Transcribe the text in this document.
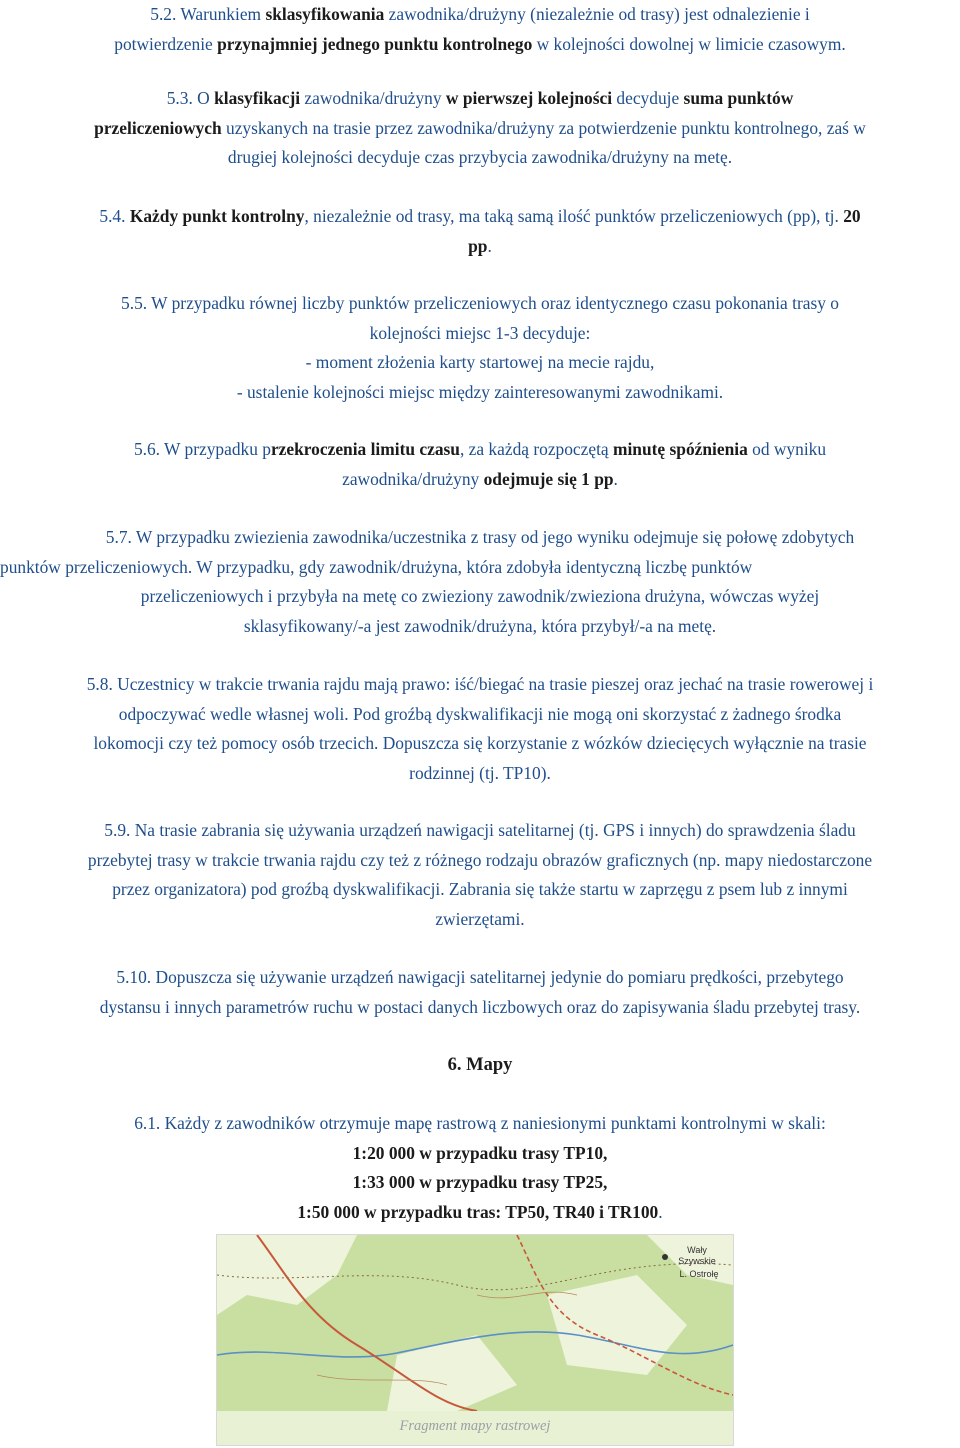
5.2. Warunkiem sklasyfikowania zawodnika/drużyny (niezależnie od trasy) jest odnalezienie i
potwierdzenie przynajmniej jednego punktu kontrolnego w kolejności dowolnej w limicie czasowym.

5.3. O klasyfikacji zawodnika/drużyny w pierwszej kolejności decyduje suma punktów
przeliczeniowych uzyskanych na trasie przez zawodnika/drużyny za potwierdzenie punktu kontrolnego, zaś w
drugiej kolejności decyduje czas przybycia zawodnika/drużyny na metę.

5.4. Każdy punkt kontrolny, niezależnie od trasy, ma taką samą ilość punktów przeliczeniowych (pp), tj. 20
pp.

5.5. W przypadku równej liczby punktów przeliczeniowych oraz identycznego czasu pokonania trasy o
kolejności miejsc 1-3 decyduje:
- moment złożenia karty startowej na mecie rajdu,
- ustalenie kolejności miejsc między zainteresowanymi zawodnikami.

5.6. W przypadku przekroczenia limitu czasu, za każdą rozpoczętą minutę spóźnienia od wyniku
zawodnika/drużyny odejmuje się 1 pp.

5.7. W przypadku zwiezienia zawodnika/uczestnika z trasy od jego wyniku odejmuje się połowę zdobytych
punktów przeliczeniowych. W przypadku, gdy zawodnik/drużyna, która zdobyła identyczną liczbę punktów
przeliczeniowych i przybyła na metę co zwieziony zawodnik/zwieziona drużyna, wówczas wyżej
sklasyfikowany/-a jest zawodnik/drużyna, która przybył/-a na metę.

5.8. Uczestnicy w trakcie trwania rajdu mają prawo: iść/biegać na trasie pieszej oraz jechać na trasie rowerowej i
odpoczywać wedle własnej woli. Pod groźbą dyskwalifikacji nie mogą oni skorzystać z żadnego środka
lokomocji czy też pomocy osób trzecich. Dopuszcza się korzystanie z wózków dziecięcych wyłącznie na trasie
rodzinnej (tj. TP10).

5.9. Na trasie zabrania się używania urządzeń nawigacji satelitarnej (tj. GPS i innych) do sprawdzenia śladu
przebytej trasy w trakcie trwania rajdu czy też z różnego rodzaju obrazów graficznych (np. mapy niedostarczone
przez organizatora) pod groźbą dyskwalifikacji. Zabrania się także startu w zaprzęgu z psem lub z innymi
zwierzętami.

5.10. Dopuszcza się używanie urządzeń nawigacji satelitarnej jedynie do pomiaru prędkości, przebytego
dystansu i innych parametrów ruchu w postaci danych liczbowych oraz do zapisywania śladu przebytej trasy.

6. Mapy

6.1. Każdy z zawodników otrzymuje mapę rastrową z naniesionymi punktami kontrolnymi w skali:
1:20 000 w przypadku trasy TP10,
1:33 000 w przypadku trasy TP25,
1:50 000 w przypadku tras: TP50, TR40 i TR100.

Wały
Szywskie
L. Ostrołę
Fragment mapy rastrowej
